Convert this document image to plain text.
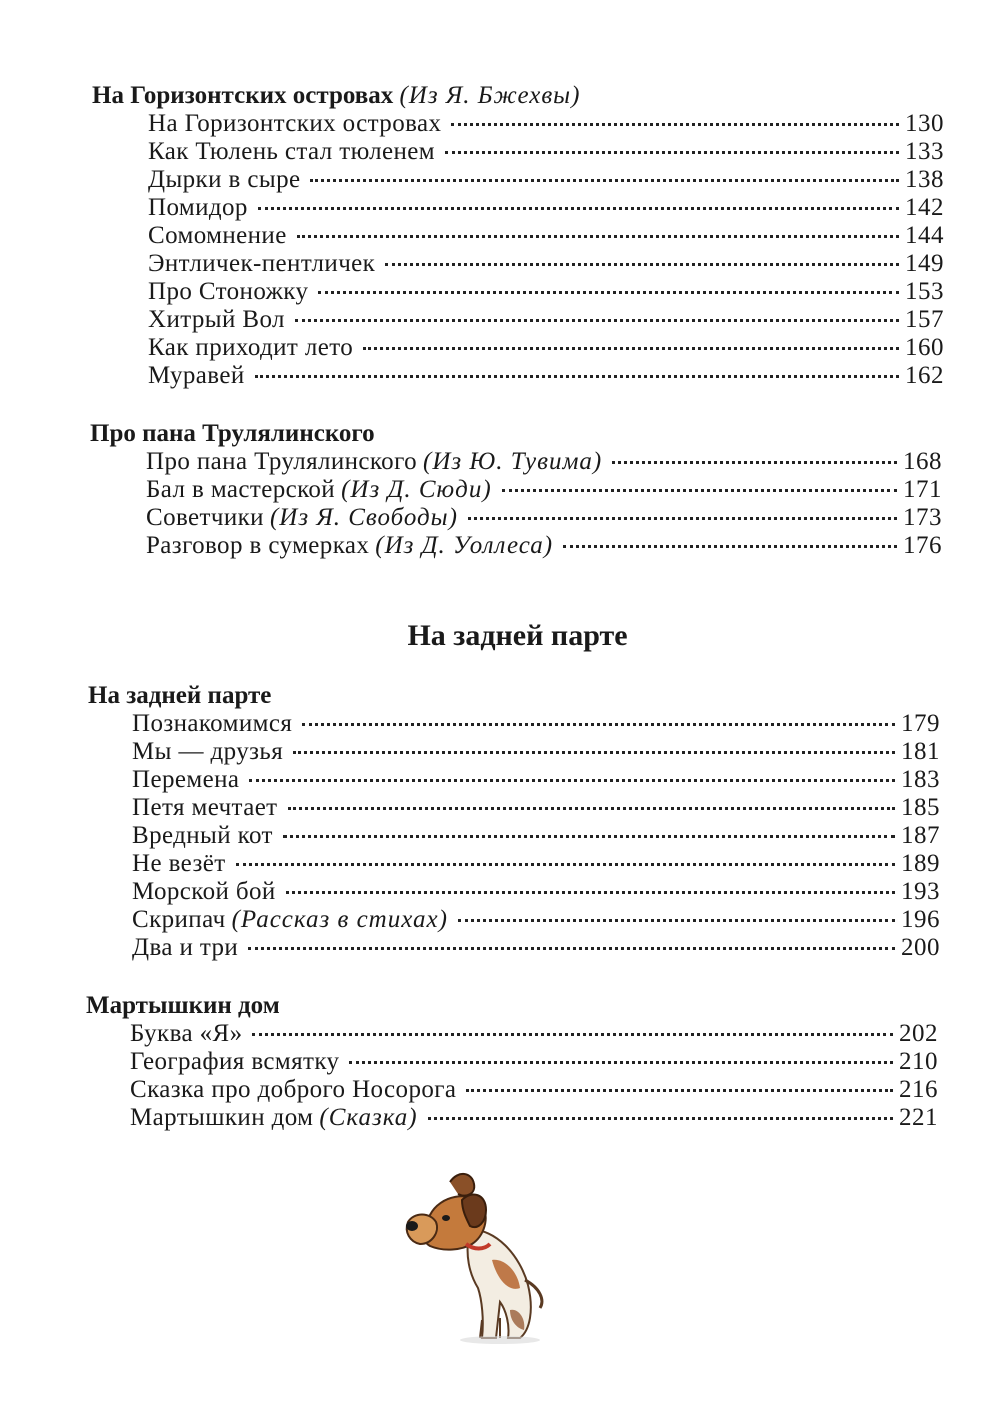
На Горизонтских островах (Из Я. Бжехвы)

На Горизонтских островах	130
Как Тюлень стал тюленем	133
Дырки в сыре	138
Помидор	142
Сомомнение	144
Энтличек-пентличек	149
Про Стоножку	153
Хитрый Вол	157
Как приходит лето	160
Муравей	162

Про пана Трулялинского

Про пана Трулялинского (Из Ю. Тувима)	168
Бал в мастерской (Из Д. Сюди)	171
Советчики (Из Я. Свободы)	173
Разговор в сумерках (Из Д. Уоллеса)	176
На задней парте

На задней парте

Познакомимся	179
Мы — друзья	181
Перемена	183
Петя мечтает	185
Вредный кот	187
Не везёт	189
Морской бой	193
Скрипач (Рассказ в стихах)	196
Два и три	200

Мартышкин дом

Буква «Я»	202
География всмятку	210
Сказка про доброго Носорога	216
Мартышкин дом (Сказка)	221
